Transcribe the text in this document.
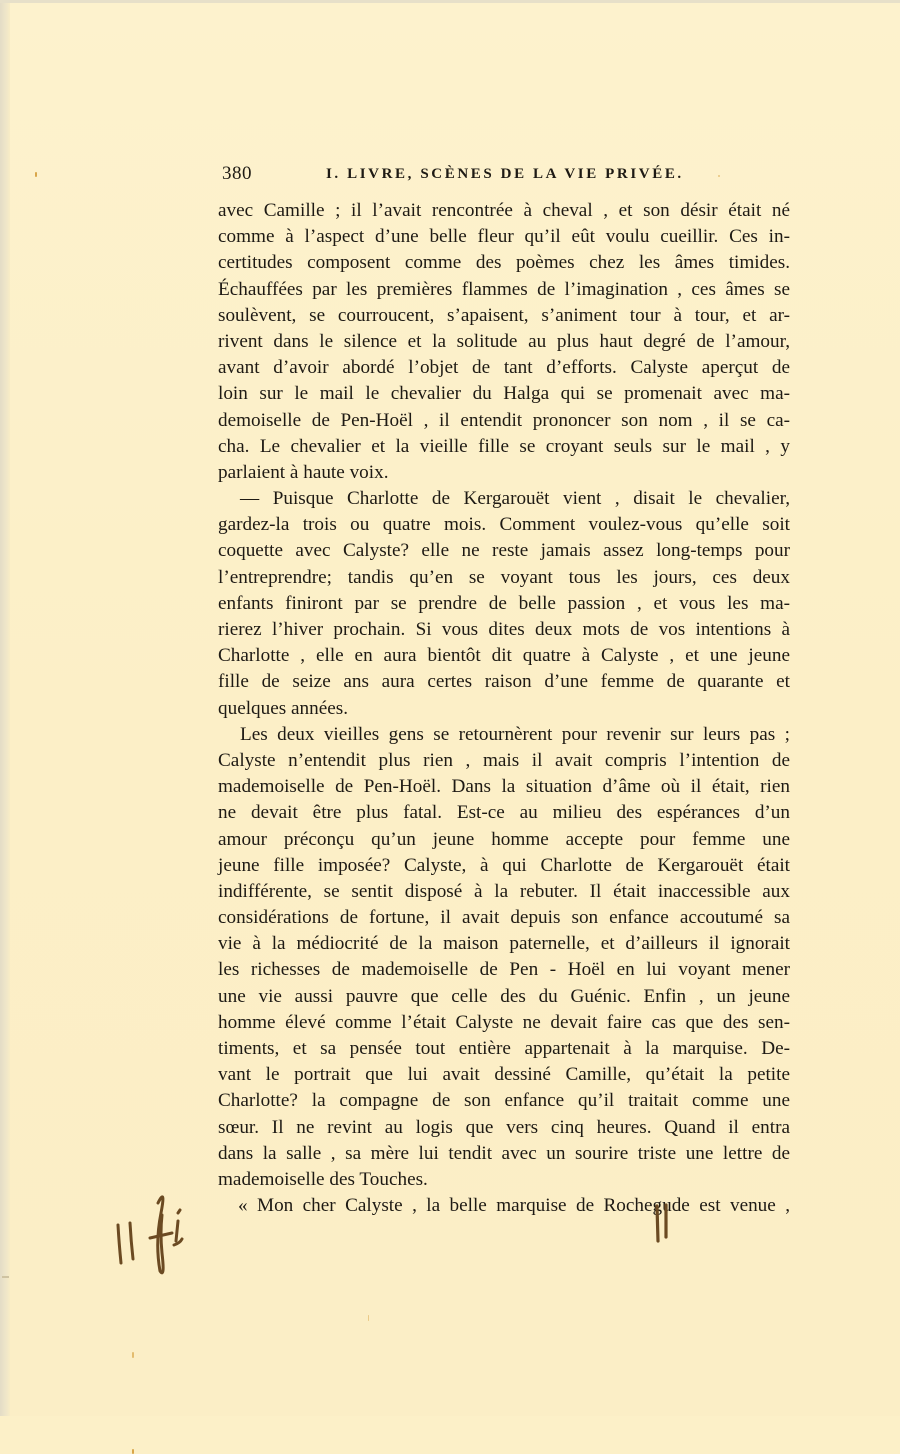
380	I. LIVRE, SCÈNES DE LA VIE PRIVÉE.
avec Camille ; il l’avait rencontrée à cheval , et son désir était né
comme à l’aspect d’une belle fleur qu’il eût voulu cueillir. Ces in-
certitudes composent comme des poèmes chez les âmes timides.
Échauffées par les premières flammes de l’imagination , ces âmes se
soulèvent, se courroucent, s’apaisent, s’animent tour à tour, et ar-
rivent dans le silence et la solitude au plus haut degré de l’amour,
avant d’avoir abordé l’objet de tant d’efforts. Calyste aperçut de
loin sur le mail le chevalier du Halga qui se promenait avec ma-
demoiselle de Pen-Hoël , il entendit prononcer son nom , il se ca-
cha. Le chevalier et la vieille fille se croyant seuls sur le mail , y
parlaient à haute voix.
— Puisque Charlotte de Kergarouët vient , disait le chevalier,
gardez-la trois ou quatre mois. Comment voulez-vous qu’elle soit
coquette avec Calyste? elle ne reste jamais assez long-temps pour
l’entreprendre; tandis qu’en se voyant tous les jours, ces deux
enfants finiront par se prendre de belle passion , et vous les ma-
rierez l’hiver prochain. Si vous dites deux mots de vos intentions à
Charlotte , elle en aura bientôt dit quatre à Calyste , et une jeune
fille de seize ans aura certes raison d’une femme de quarante et
quelques années.
Les deux vieilles gens se retournèrent pour revenir sur leurs pas ;
Calyste n’entendit plus rien , mais il avait compris l’intention de
mademoiselle de Pen-Hoël. Dans la situation d’âme où il était, rien
ne devait être plus fatal. Est-ce au milieu des espérances d’un
amour préconçu qu’un jeune homme accepte pour femme une
jeune fille imposée? Calyste, à qui Charlotte de Kergarouët était
indifférente, se sentit disposé à la rebuter. Il était inaccessible aux
considérations de fortune, il avait depuis son enfance accoutumé sa
vie à la médiocrité de la maison paternelle, et d’ailleurs il ignorait
les richesses de mademoiselle de Pen - Hoël en lui voyant mener
une vie aussi pauvre que celle des du Guénic. Enfin , un jeune
homme élevé comme l’était Calyste ne devait faire cas que des sen-
timents, et sa pensée tout entière appartenait à la marquise. De-
vant le portrait que lui avait dessiné Camille, qu’était la petite
Charlotte? la compagne de son enfance qu’il traitait comme une
sœur. Il ne revint au logis que vers cinq heures. Quand il entra
dans la salle , sa mère lui tendit avec un sourire triste une lettre de
mademoiselle des Touches.
« Mon cher Calyste , la belle marquise de Rochegude est venue ,
